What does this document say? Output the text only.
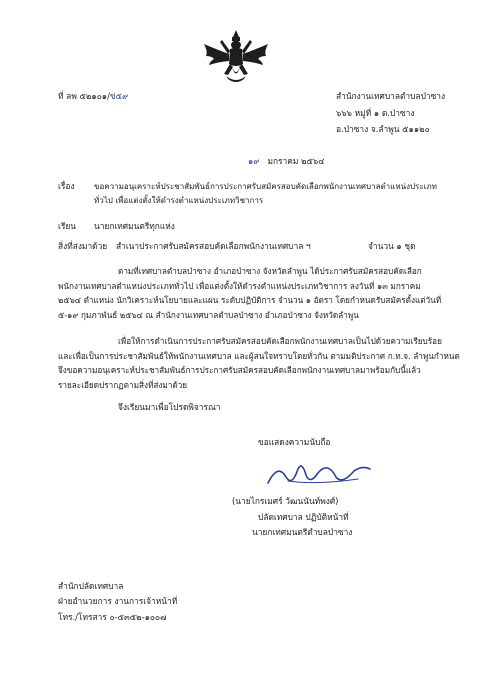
ที่ ลพ ๕๒๑๐๑/ข่๕๙	สำนักงานเทศบาลตำบลป่าซาง
๖๖๖ หมู่ที่ ๑ ต.ป่าซาง
อ.ป่าซาง จ.ลำพูน ๕๑๑๒๐
๑๙ มกราคม ๒๕๖๔
เรื่อง ขอความอนุเคราะห์ประชาสัมพันธ์การประกาศรับสมัครสอบคัดเลือกพนักงานเทศบาลตำแหน่งประเภท
ทั่วไป เพื่อแต่งตั้งให้ดำรงตำแหน่งประเภทวิชาการ
เรียน นายกเทศมนตรีทุกแห่ง
สิ่งที่ส่งมาด้วย สำเนาประกาศรับสมัครสอบคัดเลือกพนักงานเทศบาล ฯ	จำนวน ๑ ชุด
ตามที่เทศบาลตำบลป่าซาง อำเภอป่าซาง จังหวัดลำพูน ได้ประกาศรับสมัครสอบคัดเลือก
พนักงานเทศบาลตำแหน่งประเภททั่วไป เพื่อแต่งตั้งให้ดำรงตำแหน่งประเภทวิชาการ ลงวันที่ ๑๓ มกราคม
๒๕๖๔ ตำแหน่ง นักวิเคราะห์นโยบายและแผน ระดับปฏิบัติการ จำนวน ๑ อัตรา โดยกำหนดรับสมัครตั้งแต่วันที่
๕-๑๙ กุมภาพันธ์ ๒๕๖๔ ณ สำนักงานเทศบาลตำบลป่าซาง อำเภอป่าซาง จังหวัดลำพูน
เพื่อให้การดำเนินการประกาศรับสมัครสอบคัดเลือกพนักงานเทศบาลเป็นไปด้วยความเรียบร้อย
และเพื่อเป็นการประชาสัมพันธ์ให้พนักงานเทศบาล และผู้สนใจทราบโดยทั่วกัน ตามมติประกาศ ก.ท.จ. ลำพูนกำหนด
จึงขอความอนุเคราะห์ประชาสัมพันธ์การประกาศรับสมัครสอบคัดเลือกพนักงานเทศบาลมาพร้อมกับนี้แล้ว
รายละเอียดปรากฏตามสิ่งที่ส่งมาด้วย
จึงเรียนมาเพื่อโปรดพิจารณา
ขอแสดงความนับถือ
(นายไกรเมศร์ วัฒนนันท์พงศ์)
ปลัดเทศบาล ปฏิบัติหน้าที่
นายกเทศมนตรีตำบลป่าซาง
สำนักปลัดเทศบาล
ฝ่ายอำนวยการ งานการเจ้าหน้าที่
โทร./โทรสาร ๐-๕๓๕๒-๑๐๐๗
